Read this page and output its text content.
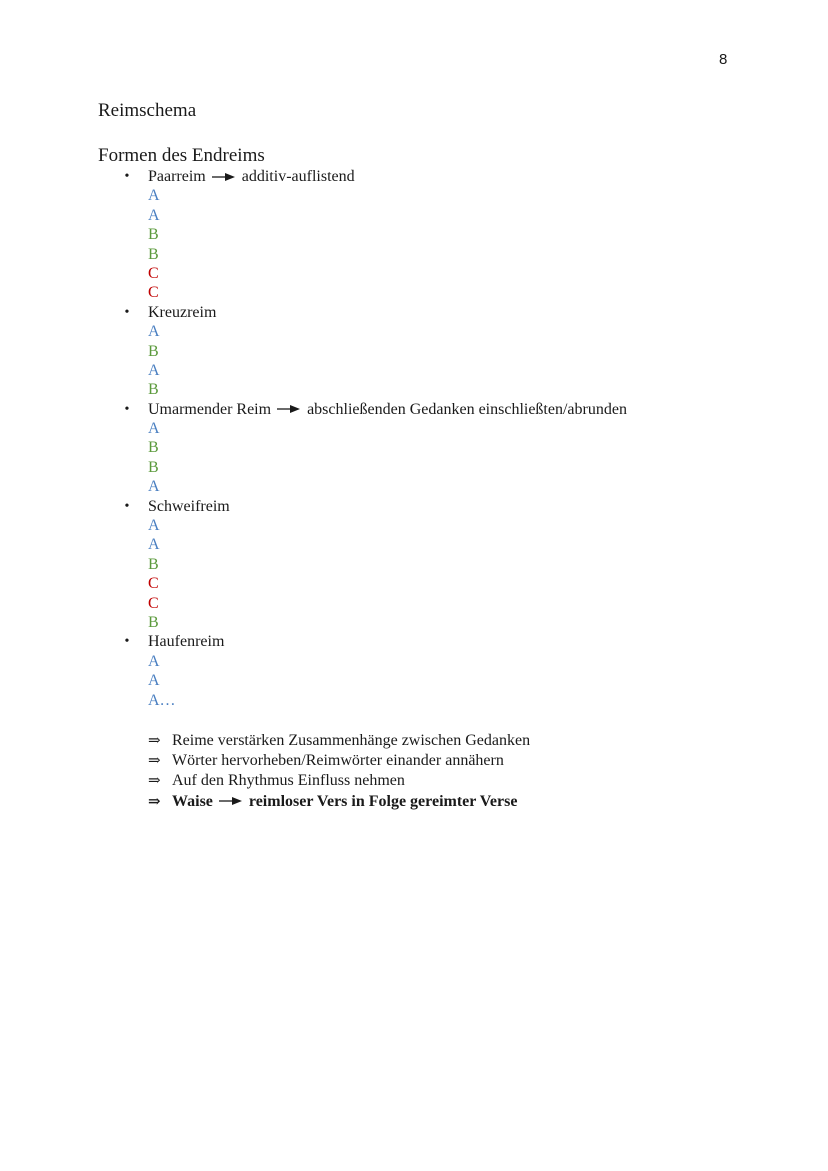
8
Reimschema
Formen des Endreims
• Paarreim additiv-auflistend
A
A
B
B
C
C
• Kreuzreim
A
B
A
B
• Umarmender Reim abschließenden Gedanken einschließten/abrunden
A
B
B
A
• Schweifreim
A
A
B
C
C
B
• Haufenreim
A
A
A…
⇒ Reime verstärken Zusammenhänge zwischen Gedanken
⇒ Wörter hervorheben/Reimwörter einander annähern
⇒ Auf den Rhythmus Einfluss nehmen
⇒ Waise reimloser Vers in Folge gereimter Verse
